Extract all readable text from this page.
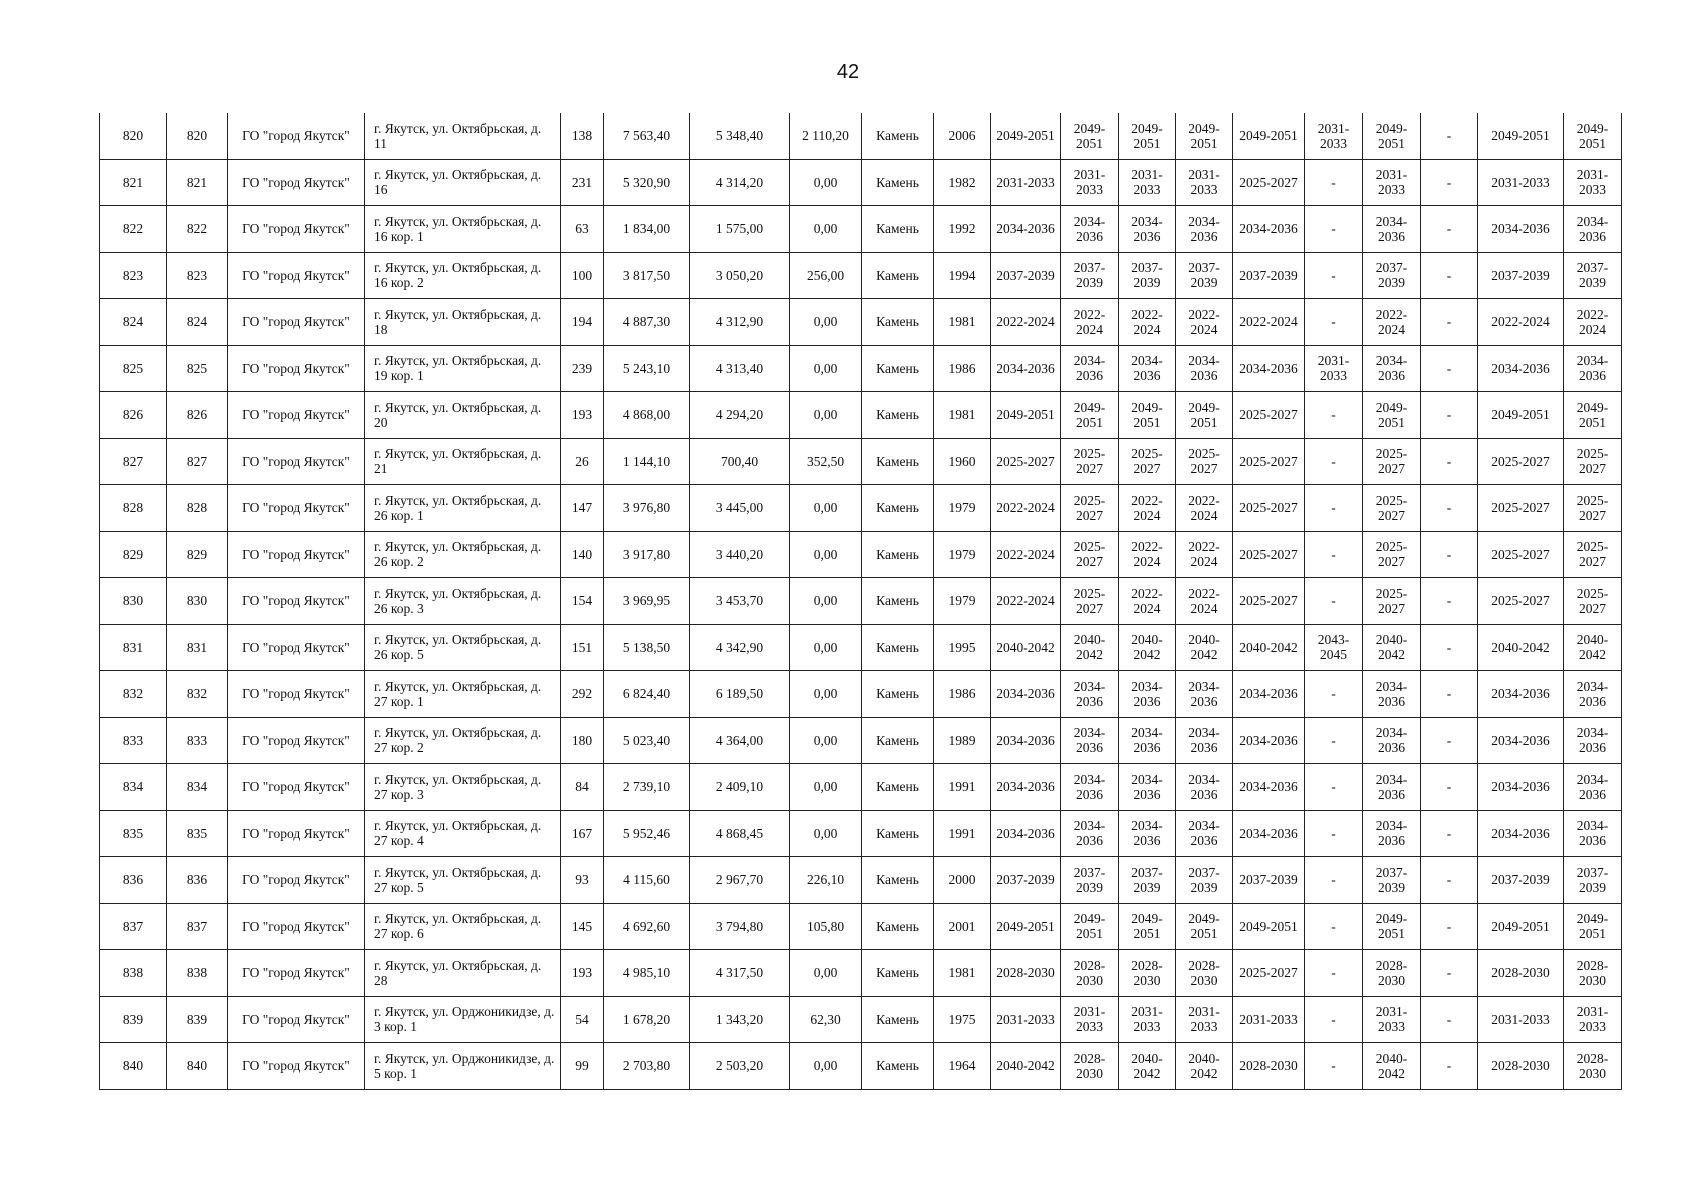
42
820	820	ГО "город Якутск"	г. Якутск, ул. Октябрьская, д. 11	138	7 563,40	5 348,40	2 110,20	Камень	2006	2049-2051	2049-2051	2049-2051	2049-2051	2049-2051	2031-2033	2049-2051	-	2049-2051	2049-2051
821	821	ГО "город Якутск"	г. Якутск, ул. Октябрьская, д. 16	231	5 320,90	4 314,20	0,00	Камень	1982	2031-2033	2031-2033	2031-2033	2031-2033	2025-2027	-	2031-2033	-	2031-2033	2031-2033
822	822	ГО "город Якутск"	г. Якутск, ул. Октябрьская, д. 16 кор. 1	63	1 834,00	1 575,00	0,00	Камень	1992	2034-2036	2034-2036	2034-2036	2034-2036	2034-2036	-	2034-2036	-	2034-2036	2034-2036
823	823	ГО "город Якутск"	г. Якутск, ул. Октябрьская, д. 16 кор. 2	100	3 817,50	3 050,20	256,00	Камень	1994	2037-2039	2037-2039	2037-2039	2037-2039	2037-2039	-	2037-2039	-	2037-2039	2037-2039
824	824	ГО "город Якутск"	г. Якутск, ул. Октябрьская, д. 18	194	4 887,30	4 312,90	0,00	Камень	1981	2022-2024	2022-2024	2022-2024	2022-2024	2022-2024	-	2022-2024	-	2022-2024	2022-2024
825	825	ГО "город Якутск"	г. Якутск, ул. Октябрьская, д. 19 кор. 1	239	5 243,10	4 313,40	0,00	Камень	1986	2034-2036	2034-2036	2034-2036	2034-2036	2034-2036	2031-2033	2034-2036	-	2034-2036	2034-2036
826	826	ГО "город Якутск"	г. Якутск, ул. Октябрьская, д. 20	193	4 868,00	4 294,20	0,00	Камень	1981	2049-2051	2049-2051	2049-2051	2049-2051	2025-2027	-	2049-2051	-	2049-2051	2049-2051
827	827	ГО "город Якутск"	г. Якутск, ул. Октябрьская, д. 21	26	1 144,10	700,40	352,50	Камень	1960	2025-2027	2025-2027	2025-2027	2025-2027	2025-2027	-	2025-2027	-	2025-2027	2025-2027
828	828	ГО "город Якутск"	г. Якутск, ул. Октябрьская, д. 26 кор. 1	147	3 976,80	3 445,00	0,00	Камень	1979	2022-2024	2025-2027	2022-2024	2022-2024	2025-2027	-	2025-2027	-	2025-2027	2025-2027
829	829	ГО "город Якутск"	г. Якутск, ул. Октябрьская, д. 26 кор. 2	140	3 917,80	3 440,20	0,00	Камень	1979	2022-2024	2025-2027	2022-2024	2022-2024	2025-2027	-	2025-2027	-	2025-2027	2025-2027
830	830	ГО "город Якутск"	г. Якутск, ул. Октябрьская, д. 26 кор. 3	154	3 969,95	3 453,70	0,00	Камень	1979	2022-2024	2025-2027	2022-2024	2022-2024	2025-2027	-	2025-2027	-	2025-2027	2025-2027
831	831	ГО "город Якутск"	г. Якутск, ул. Октябрьская, д. 26 кор. 5	151	5 138,50	4 342,90	0,00	Камень	1995	2040-2042	2040-2042	2040-2042	2040-2042	2040-2042	2043-2045	2040-2042	-	2040-2042	2040-2042
832	832	ГО "город Якутск"	г. Якутск, ул. Октябрьская, д. 27 кор. 1	292	6 824,40	6 189,50	0,00	Камень	1986	2034-2036	2034-2036	2034-2036	2034-2036	2034-2036	-	2034-2036	-	2034-2036	2034-2036
833	833	ГО "город Якутск"	г. Якутск, ул. Октябрьская, д. 27 кор. 2	180	5 023,40	4 364,00	0,00	Камень	1989	2034-2036	2034-2036	2034-2036	2034-2036	2034-2036	-	2034-2036	-	2034-2036	2034-2036
834	834	ГО "город Якутск"	г. Якутск, ул. Октябрьская, д. 27 кор. 3	84	2 739,10	2 409,10	0,00	Камень	1991	2034-2036	2034-2036	2034-2036	2034-2036	2034-2036	-	2034-2036	-	2034-2036	2034-2036
835	835	ГО "город Якутск"	г. Якутск, ул. Октябрьская, д. 27 кор. 4	167	5 952,46	4 868,45	0,00	Камень	1991	2034-2036	2034-2036	2034-2036	2034-2036	2034-2036	-	2034-2036	-	2034-2036	2034-2036
836	836	ГО "город Якутск"	г. Якутск, ул. Октябрьская, д. 27 кор. 5	93	4 115,60	2 967,70	226,10	Камень	2000	2037-2039	2037-2039	2037-2039	2037-2039	2037-2039	-	2037-2039	-	2037-2039	2037-2039
837	837	ГО "город Якутск"	г. Якутск, ул. Октябрьская, д. 27 кор. 6	145	4 692,60	3 794,80	105,80	Камень	2001	2049-2051	2049-2051	2049-2051	2049-2051	2049-2051	-	2049-2051	-	2049-2051	2049-2051
838	838	ГО "город Якутск"	г. Якутск, ул. Октябрьская, д. 28	193	4 985,10	4 317,50	0,00	Камень	1981	2028-2030	2028-2030	2028-2030	2028-2030	2025-2027	-	2028-2030	-	2028-2030	2028-2030
839	839	ГО "город Якутск"	г. Якутск, ул. Орджоникидзе, д. 3 кор. 1	54	1 678,20	1 343,20	62,30	Камень	1975	2031-2033	2031-2033	2031-2033	2031-2033	2031-2033	-	2031-2033	-	2031-2033	2031-2033
840	840	ГО "город Якутск"	г. Якутск, ул. Орджоникидзе, д. 5 кор. 1	99	2 703,80	2 503,20	0,00	Камень	1964	2040-2042	2028-2030	2040-2042	2040-2042	2028-2030	-	2040-2042	-	2028-2030	2028-2030
